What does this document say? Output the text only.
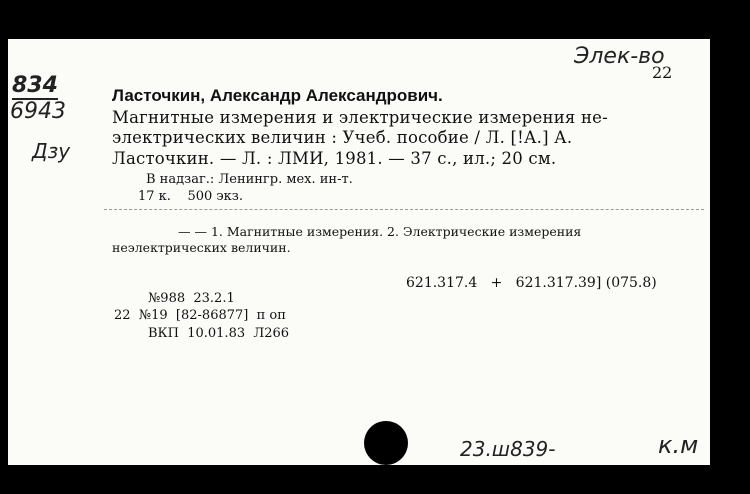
Элек-во
22
834
6943
Дзу
Ласточкин, Александр Александрович.
Магнитные измерения и электрические измерения не-
электрических величин : Учеб. пособие / Л. [!А.] А.
Ласточкин. — Л. : ЛМИ, 1981. — 37 с., ил.; 20 см.
В надзаг.: Ленингр. мех. ин-т.
17 к.    500 экз.
— — 1. Магнитные измерения. 2. Электрические измерения
неэлектрических величин.
621.317.4   +   621.317.39] (075.8)
№988  23.2.1
22  №19  [82-86877]  п оп
ВКП  10.01.83  Л266
23.ш839-	к.м
